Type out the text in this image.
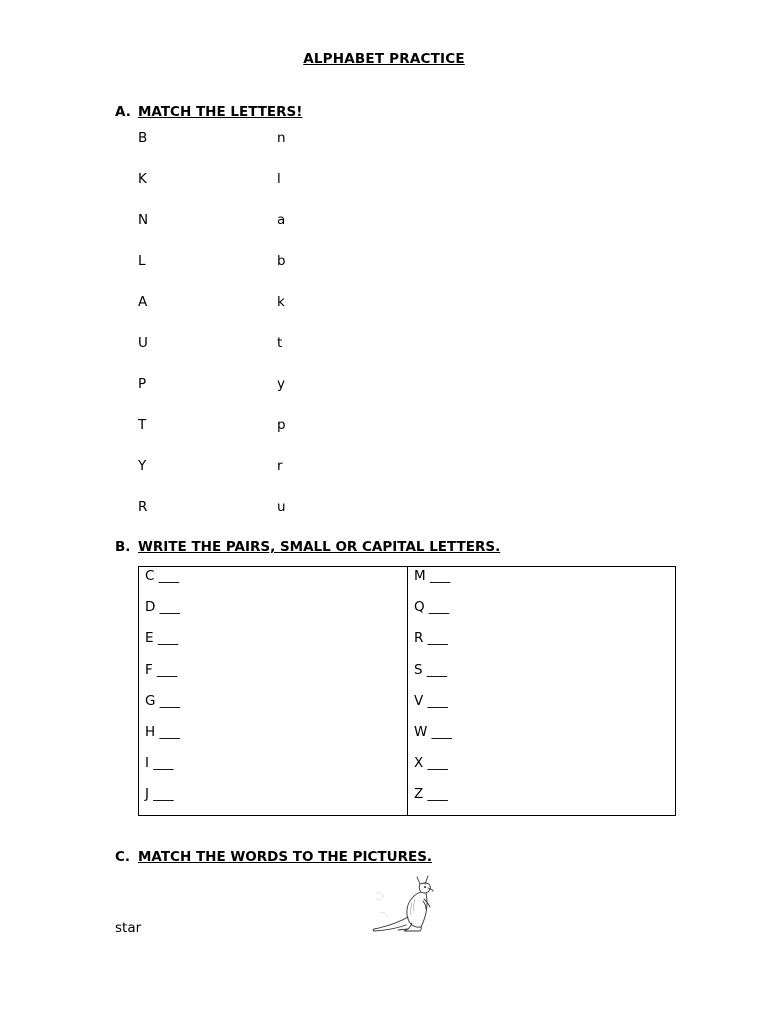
ALPHABET PRACTICE
A. MATCH THE LETTERS!
B	n
K	l
N	a
L	b
A	k
U	t
P	y
T	p
Y	r
R	u
B. WRITE THE PAIRS, SMALL OR CAPITAL LETTERS.
C ___
D ___
E ___
F ___
G ___
H ___
I ___
J ___
M ___
Q ___
R ___
S ___
V ___
W ___
X ___
Z ___
C. MATCH THE WORDS TO THE PICTURES.
star
